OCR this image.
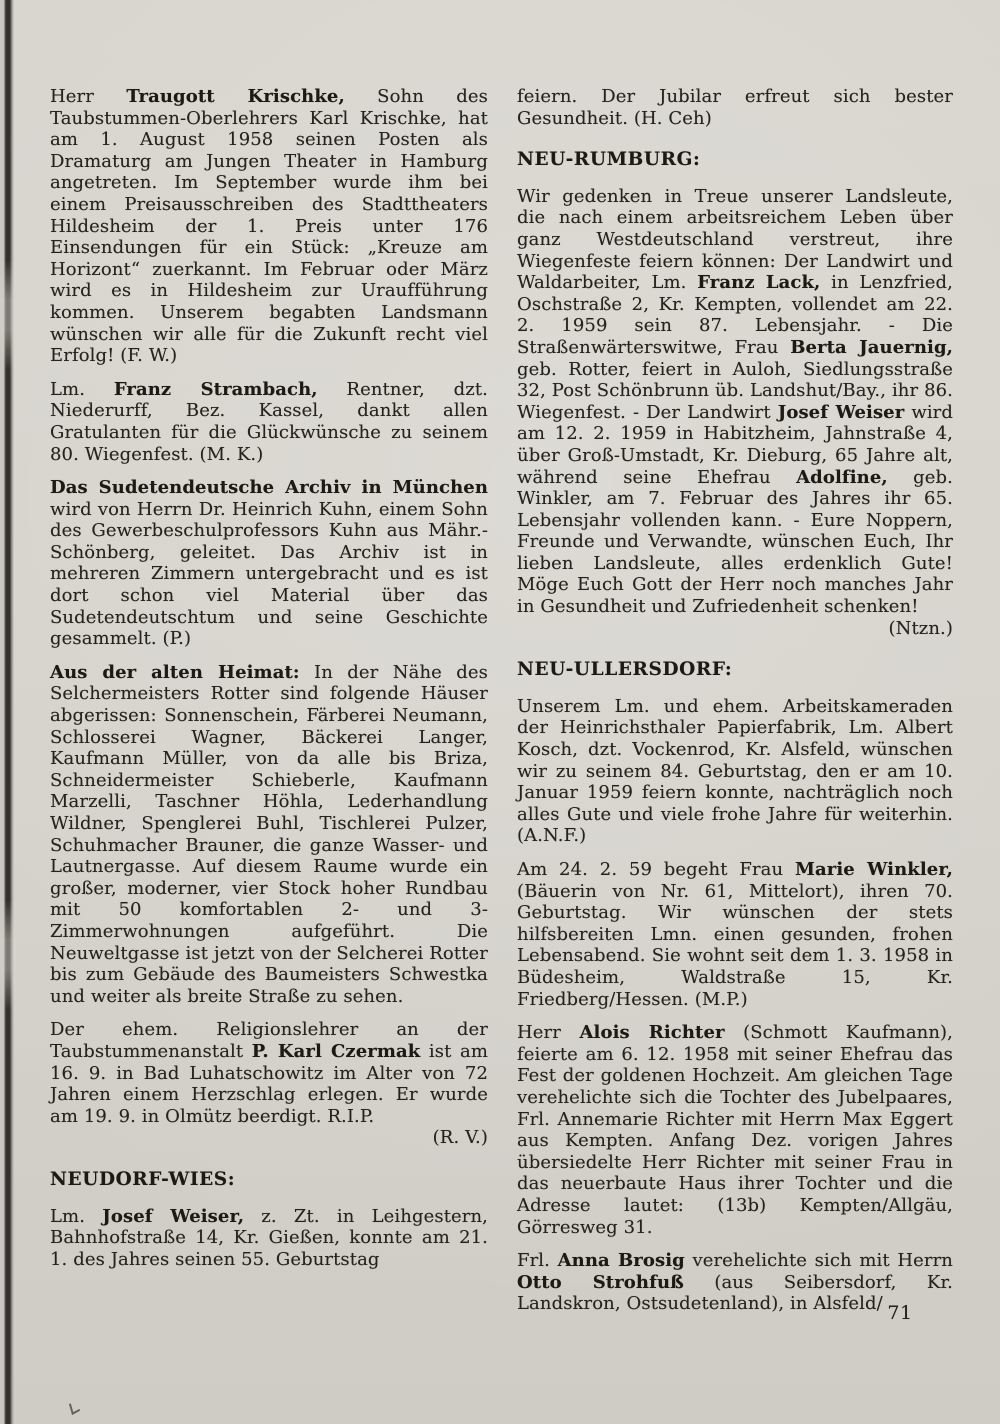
Herr Traugott Krischke, Sohn des Taubstummen-Oberlehrers Karl Krischke, hat am 1. August 1958 seinen Posten als Dramaturg am Jungen Theater in Hamburg angetreten. Im September wurde ihm bei einem Preisausschreiben des Stadttheaters Hildesheim der 1. Preis unter 176 Einsendungen für ein Stück: „Kreuze am Horizont“ zuerkannt. Im Februar oder März wird es in Hildesheim zur Uraufführung kommen. Unserem begabten Landsmann wünschen wir alle für die Zukunft recht viel Erfolg! (F. W.)

Lm. Franz Strambach, Rentner, dzt. Niederurff, Bez. Kassel, dankt allen Gratulanten für die Glückwünsche zu seinem 80. Wiegenfest. (M. K.)

Das Sudetendeutsche Archiv in München wird von Herrn Dr. Heinrich Kuhn, einem Sohn des Gewerbeschulprofessors Kuhn aus Mähr.-Schönberg, geleitet. Das Archiv ist in mehreren Zimmern untergebracht und es ist dort schon viel Material über das Sudetendeutschtum und seine Geschichte gesammelt. (P.)

Aus der alten Heimat: In der Nähe des Selchermeisters Rotter sind folgende Häuser abgerissen: Sonnenschein, Färberei Neumann, Schlosserei Wagner, Bäckerei Langer, Kaufmann Müller, von da alle bis Briza, Schneidermeister Schieberle, Kaufmann Marzelli, Taschner Höhla, Lederhandlung Wildner, Spenglerei Buhl, Tischlerei Pulzer, Schuhmacher Brauner, die ganze Wasser- und Lautnergasse. Auf diesem Raume wurde ein großer, moderner, vier Stock hoher Rundbau mit 50 komfortablen 2- und 3-Zimmerwohnungen aufgeführt. Die Neuweltgasse ist jetzt von der Selcherei Rotter bis zum Gebäude des Baumeisters Schwestka und weiter als breite Straße zu sehen.

Der ehem. Religionslehrer an der Taubstummenanstalt P. Karl Czermak ist am 16. 9. in Bad Luhatschowitz im Alter von 72 Jahren einem Herzschlag erlegen. Er wurde am 19. 9. in Olmütz beerdigt. R.I.P.
(R. V.)

NEUDORF-WIES:

Lm. Josef Weiser, z. Zt. in Leihgestern, Bahnhofstraße 14, Kr. Gießen, konnte am 21. 1. des Jahres seinen 55. Geburtstag

feiern. Der Jubilar erfreut sich bester Gesundheit. (H. Ceh)

NEU-RUMBURG:

Wir gedenken in Treue unserer Landsleute, die nach einem arbeitsreichem Leben über ganz Westdeutschland verstreut, ihre Wiegenfeste feiern können: Der Landwirt und Waldarbeiter, Lm. Franz Lack, in Lenzfried, Oschstraße 2, Kr. Kempten, vollendet am 22. 2. 1959 sein 87. Lebensjahr. - Die Straßenwärterswitwe, Frau Berta Jauernig, geb. Rotter, feiert in Auloh, Siedlungsstraße 32, Post Schönbrunn üb. Landshut/Bay., ihr 86. Wiegenfest. - Der Landwirt Josef Weiser wird am 12. 2. 1959 in Habitzheim, Jahnstraße 4, über Groß-Umstadt, Kr. Dieburg, 65 Jahre alt, während seine Ehefrau Adolfine, geb. Winkler, am 7. Februar des Jahres ihr 65. Lebensjahr vollenden kann. - Eure Noppern, Freunde und Verwandte, wünschen Euch, Ihr lieben Landsleute, alles erdenklich Gute! Möge Euch Gott der Herr noch manches Jahr in Gesundheit und Zufriedenheit schenken!
(Ntzn.)

NEU-ULLERSDORF:

Unserem Lm. und ehem. Arbeitskameraden der Heinrichsthaler Papierfabrik, Lm. Albert Kosch, dzt. Vockenrod, Kr. Alsfeld, wünschen wir zu seinem 84. Geburtstag, den er am 10. Januar 1959 feiern konnte, nachträglich noch alles Gute und viele frohe Jahre für weiterhin. (A.N.F.)

Am 24. 2. 59 begeht Frau Marie Winkler, (Bäuerin von Nr. 61, Mittelort), ihren 70. Geburtstag. Wir wünschen der stets hilfsbereiten Lmn. einen gesunden, frohen Lebensabend. Sie wohnt seit dem 1. 3. 1958 in Büdesheim, Waldstraße 15, Kr. Friedberg/Hessen. (M.P.)

Herr Alois Richter (Schmott Kaufmann), feierte am 6. 12. 1958 mit seiner Ehefrau das Fest der goldenen Hochzeit. Am gleichen Tage verehelichte sich die Tochter des Jubelpaares, Frl. Annemarie Richter mit Herrn Max Eggert aus Kempten. Anfang Dez. vorigen Jahres übersiedelte Herr Richter mit seiner Frau in das neuerbaute Haus ihrer Tochter und die Adresse lautet: (13b) Kempten/Allgäu, Görresweg 31.

Frl. Anna Brosig verehelichte sich mit Herrn Otto Strohfuß (aus Seibersdorf, Kr. Landskron, Ostsudetenland), in Alsfeld/ 71
